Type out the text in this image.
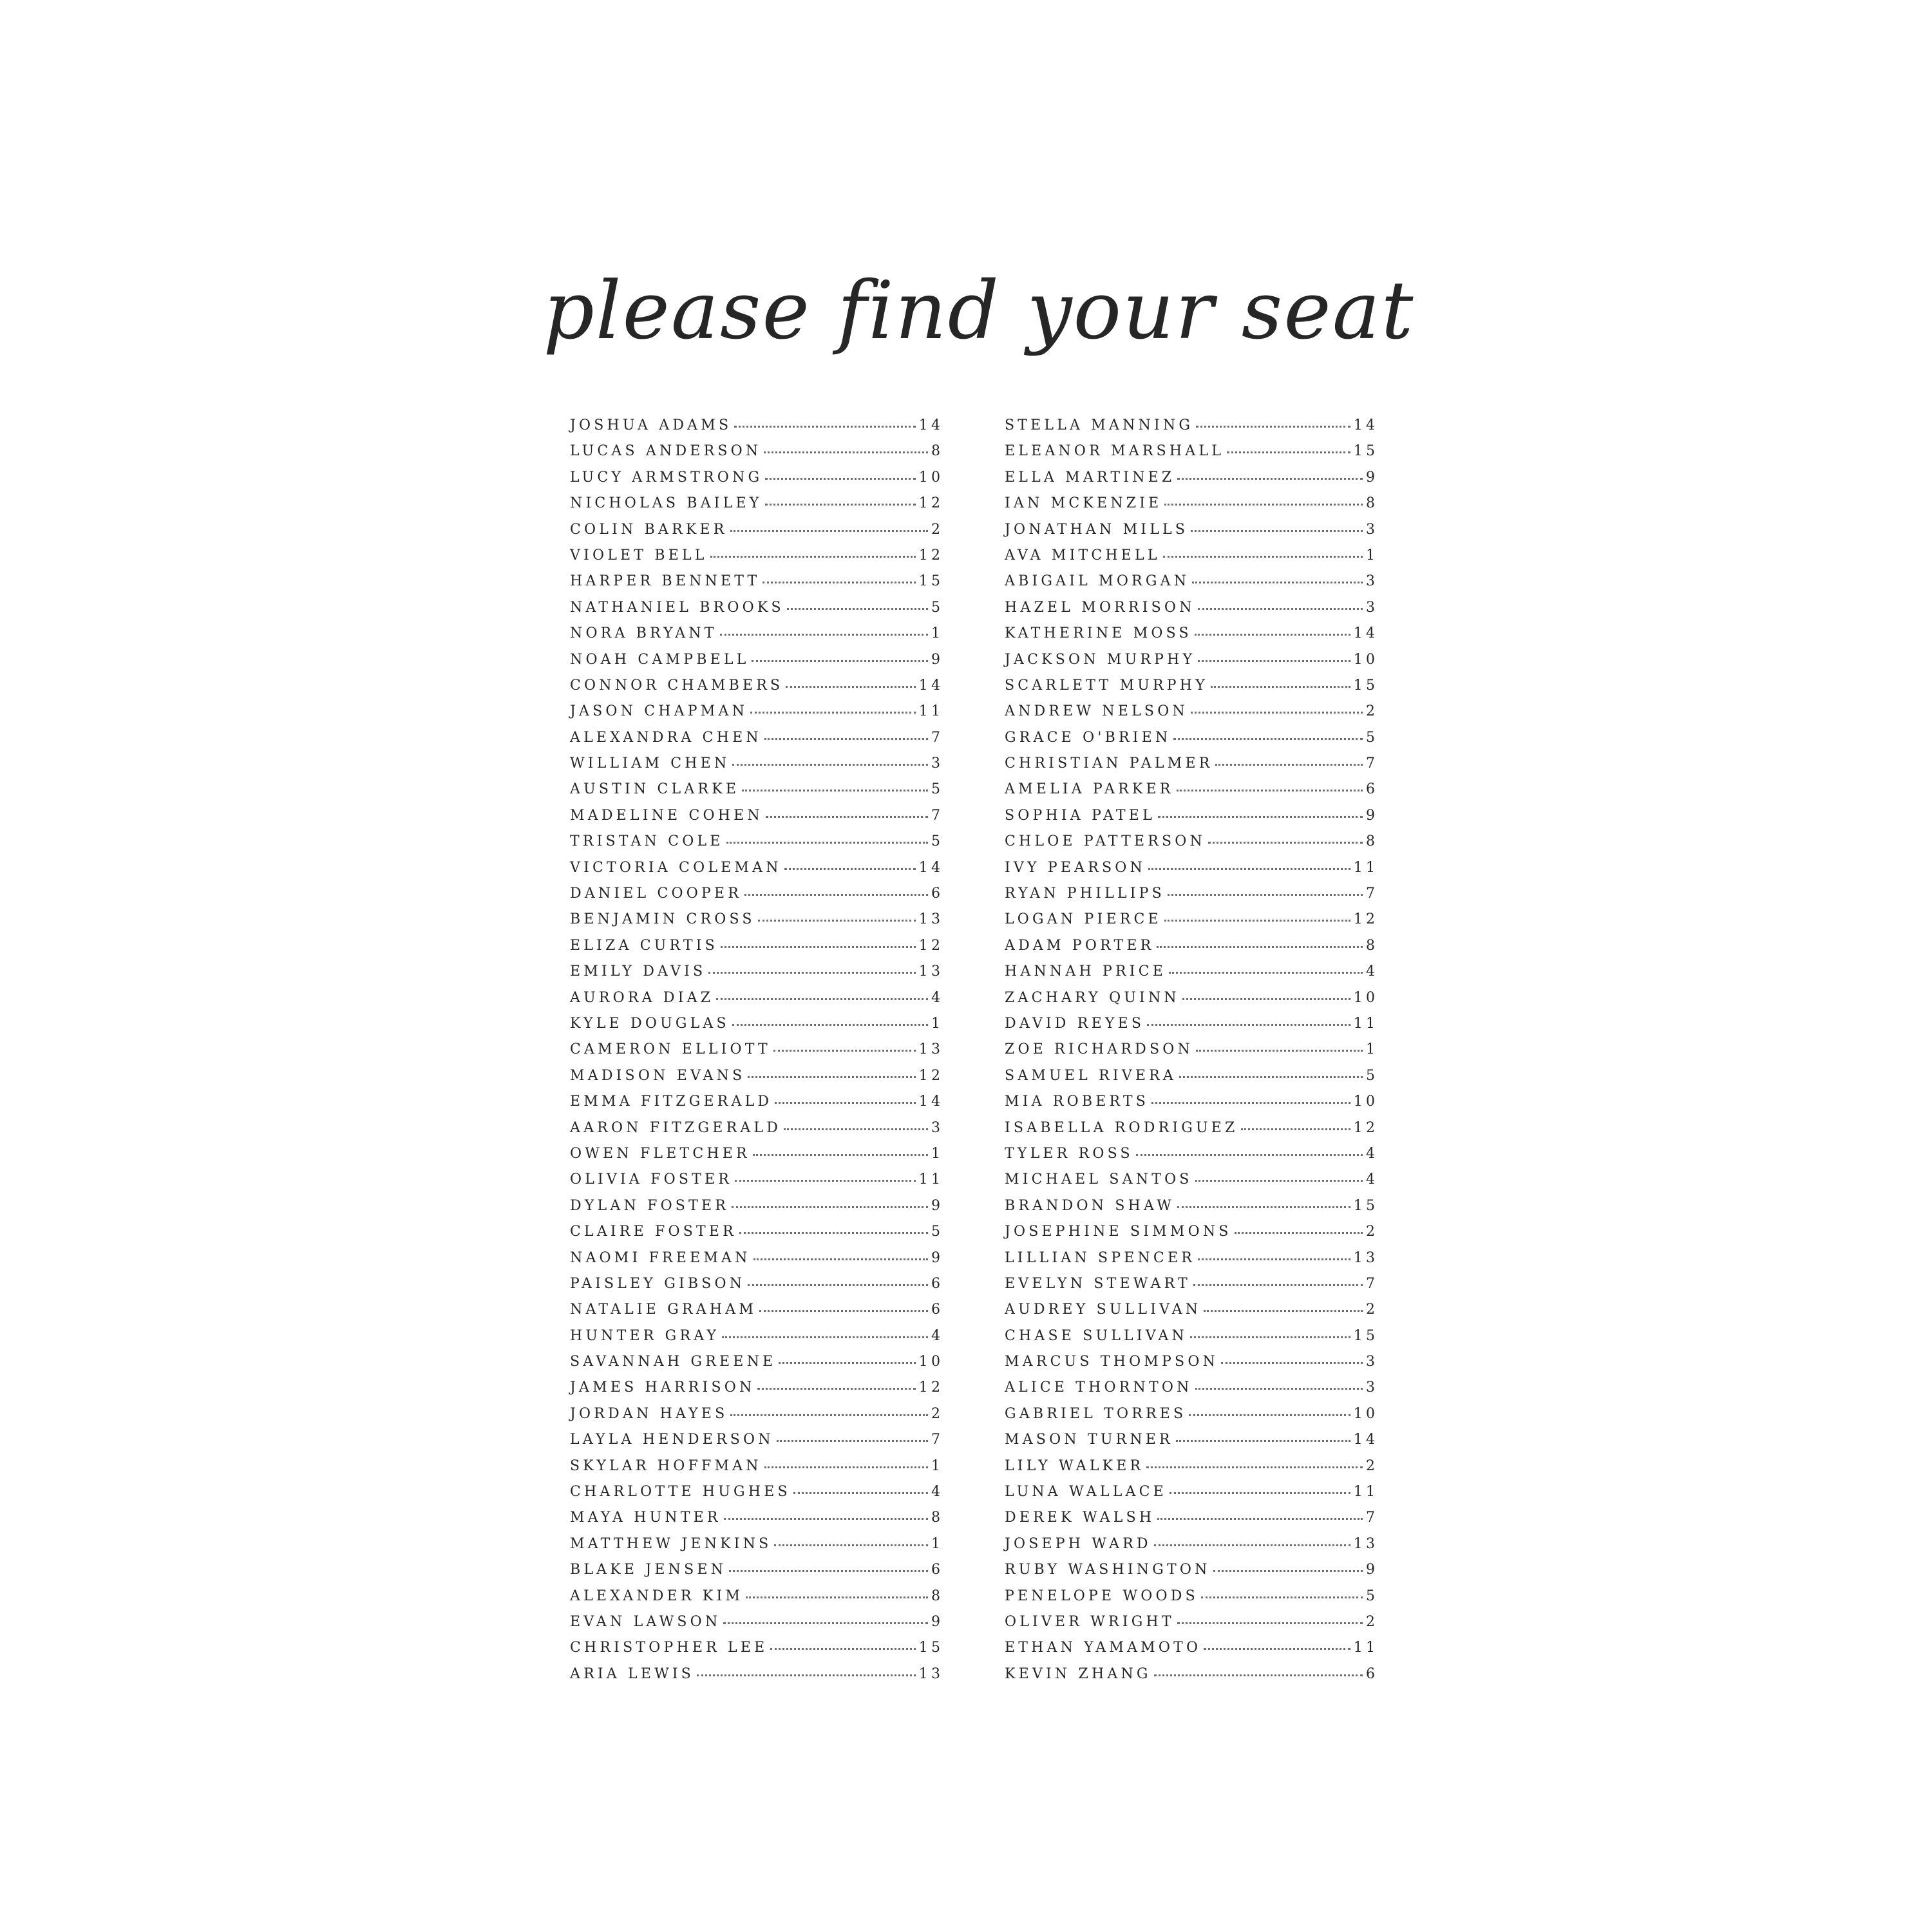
please find your seat
JOSHUA ADAMS	14
LUCAS ANDERSON	8
LUCY ARMSTRONG	10
NICHOLAS BAILEY	12
COLIN BARKER	2
VIOLET BELL	12
HARPER BENNETT	15
NATHANIEL BROOKS	5
NORA BRYANT	1
NOAH CAMPBELL	9
CONNOR CHAMBERS	14
JASON CHAPMAN	11
ALEXANDRA CHEN	7
WILLIAM CHEN	3
AUSTIN CLARKE	5
MADELINE COHEN	7
TRISTAN COLE	5
VICTORIA COLEMAN	14
DANIEL COOPER	6
BENJAMIN CROSS	13
ELIZA CURTIS	12
EMILY DAVIS	13
AURORA DIAZ	4
KYLE DOUGLAS	1
CAMERON ELLIOTT	13
MADISON EVANS	12
EMMA FITZGERALD	14
AARON FITZGERALD	3
OWEN FLETCHER	1
OLIVIA FOSTER	11
DYLAN FOSTER	9
CLAIRE FOSTER	5
NAOMI FREEMAN	9
PAISLEY GIBSON	6
NATALIE GRAHAM	6
HUNTER GRAY	4
SAVANNAH GREENE	10
JAMES HARRISON	12
JORDAN HAYES	2
LAYLA HENDERSON	7
SKYLAR HOFFMAN	1
CHARLOTTE HUGHES	4
MAYA HUNTER	8
MATTHEW JENKINS	1
BLAKE JENSEN	6
ALEXANDER KIM	8
EVAN LAWSON	9
CHRISTOPHER LEE	15
ARIA LEWIS	13
STELLA MANNING	14
ELEANOR MARSHALL	15
ELLA MARTINEZ	9
IAN MCKENZIE	8
JONATHAN MILLS	3
AVA MITCHELL	1
ABIGAIL MORGAN	3
HAZEL MORRISON	3
KATHERINE MOSS	14
JACKSON MURPHY	10
SCARLETT MURPHY	15
ANDREW NELSON	2
GRACE O'BRIEN	5
CHRISTIAN PALMER	7
AMELIA PARKER	6
SOPHIA PATEL	9
CHLOE PATTERSON	8
IVY PEARSON	11
RYAN PHILLIPS	7
LOGAN PIERCE	12
ADAM PORTER	8
HANNAH PRICE	4
ZACHARY QUINN	10
DAVID REYES	11
ZOE RICHARDSON	1
SAMUEL RIVERA	5
MIA ROBERTS	10
ISABELLA RODRIGUEZ	12
TYLER ROSS	4
MICHAEL SANTOS	4
BRANDON SHAW	15
JOSEPHINE SIMMONS	2
LILLIAN SPENCER	13
EVELYN STEWART	7
AUDREY SULLIVAN	2
CHASE SULLIVAN	15
MARCUS THOMPSON	3
ALICE THORNTON	3
GABRIEL TORRES	10
MASON TURNER	14
LILY WALKER	2
LUNA WALLACE	11
DEREK WALSH	7
JOSEPH WARD	13
RUBY WASHINGTON	9
PENELOPE WOODS	5
OLIVER WRIGHT	2
ETHAN YAMAMOTO	11
KEVIN ZHANG	6
